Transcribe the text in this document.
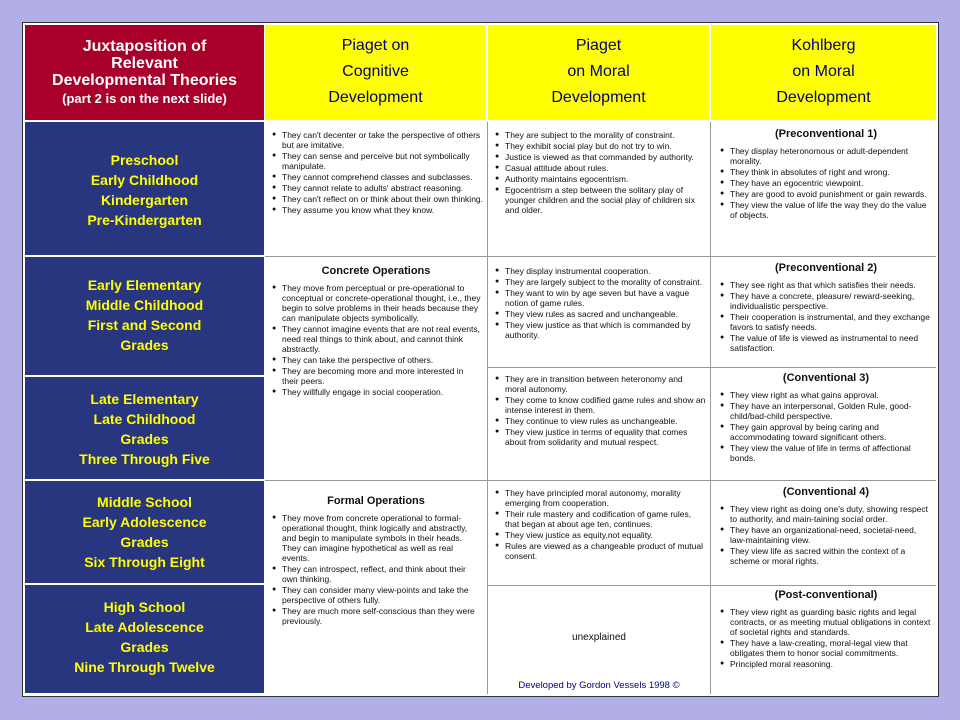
Juxtaposition of
Relevant
Developmental Theories
(part 2 is on the next slide)
Piaget on
Cognitive
Development
Piaget
on Moral
Development
Kohlberg
on Moral
Development
Preschool
Early Childhood
Kindergarten
Pre-Kindergarten
Early Elementary
Middle Childhood
First and Second
Grades
Late Elementary
Late Childhood
Grades
Three Through Five
Middle School
Early Adolescence
Grades
Six Through Eight
High School
Late Adolescence
Grades
Nine Through Twelve
● They can't decenter or take the perspective of others but are imitative.
● They can sense and perceive but not symbolically manipulate.
● They cannot comprehend classes and subclasses.
● They cannot relate to adults' abstract reasoning.
● They can't reflect on or think about their own thinking.
● They assume you know what they know.
Concrete Operations
● They move from perceptual or pre-operational to conceptual or concrete-operational thought, i.e., they begin to solve problems in their heads because they can manipulate objects symbolically.
● They cannot imagine events that are not real events, need real things to think about, and cannot think abstractly.
● They can take the perspective of others.
● They are becoming more and more interested in their peers.
● They willfully engage in social cooperation.
Formal Operations
● They move from concrete operational to formal-operational thought, think logically and abstractly, and begin to manipulate symbols in their heads. They can imagine hypothetical as well as real events.
● They can introspect, reflect, and think about their own thinking.
● They can consider many view-points and take the perspective of others fully.
● They are much more self-conscious than they were previously.
● They are subject to the morality of constraint.
● They exhibit social play but do not try to win.
● Justice is viewed as that commanded by authority.
● Casual attitude about rules.
● Authority maintains egocentrism.
● Egocentrism a step between the solitary play of younger children and the social play of children six and older.
● They display instrumental cooperation.
● They are largely subject to the morality of constraint.
● They want to win by age seven but have a vague notion of game rules.
● They view rules as sacred and unchangeable.
● They view justice as that which is commanded by authority.
● They are in transition between heteronomy and moral autonomy.
● They come to know codified game rules and show an intense interest in them.
● They continue to view rules as unchangeable.
● They view justice in terms of equality that comes about from solidarity and mutual respect.
● They have principled moral autonomy, morality emerging from cooperation.
● Their rule mastery and codification of game rules, that began at about age ten, continues.
● They view justice as equity,not equality.
● Rules are viewed as a changeable product of mutual consent.
unexplained
Developed by Gordon Vessels 1998 ©
(Preconventional 1)
● They display heteronomous or adult-dependent morality.
● They think in absolutes of right and wrong.
● They have an egocentric viewpoint.
● They are good to avoid punishment or gain rewards.
● They view the value of life the way they do the value of objects.
(Preconventional 2)
● They see right as that which satisfies their needs.
● They have a concrete, pleasure/ reward-seeking, individualistic perspective.
● Their cooperation is instrumental, and they exchange favors to satisfy needs.
● The value of life is viewed as instrumental to need satisfaction.
(Conventional 3)
● They view right as what gains approval.
● They have an interpersonal, Golden Rule, good-child/bad-child perspective.
● They gain approval by being caring and accommodating toward significant others.
● They view the value of life in terms of affectional bonds.
(Conventional 4)
● They view right as doing one's duty, showing respect to authority, and main-taining social order.
● They have an organizational-need, societal-need, law-maintaining view.
● They view life as sacred within the context of a scheme or moral rights.
(Post-conventional)
● They view right as guarding basic rights and legal contracts, or as meeting mutual obligations in context of societal rights and standards.
● They have a law-creating, moral-legal view that obligates them to honor social commitments.
● Principled moral reasoning.
